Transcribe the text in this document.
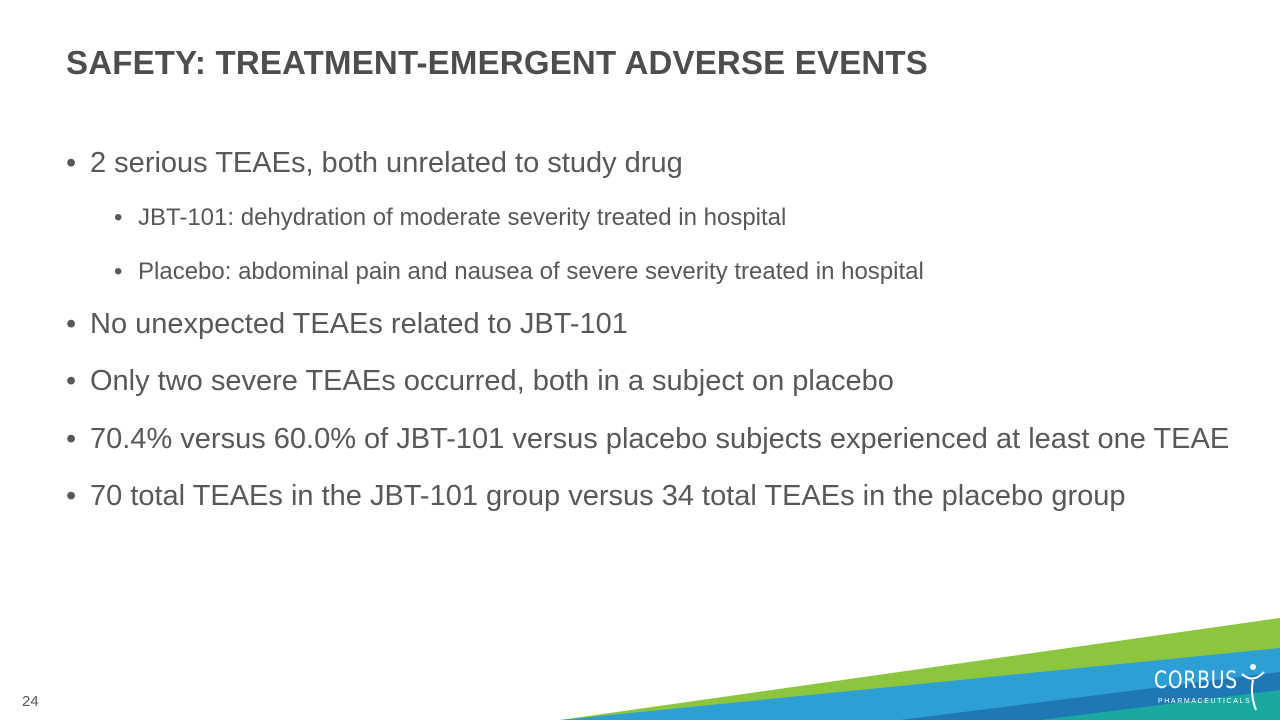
SAFETY: TREATMENT-EMERGENT ADVERSE EVENTS
• 2 serious TEAEs, both unrelated to study drug
• JBT-101: dehydration of moderate severity treated in hospital
• Placebo: abdominal pain and nausea of severe severity treated in hospital
• No unexpected TEAEs related to JBT-101
• Only two severe TEAEs occurred, both in a subject on placebo
• 70.4% versus 60.0% of JBT-101 versus placebo subjects experienced at least one TEAE
• 70 total TEAEs in the JBT-101 group versus 34 total TEAEs in the placebo group
CORBUS
PHARMACEUTICALS
24
